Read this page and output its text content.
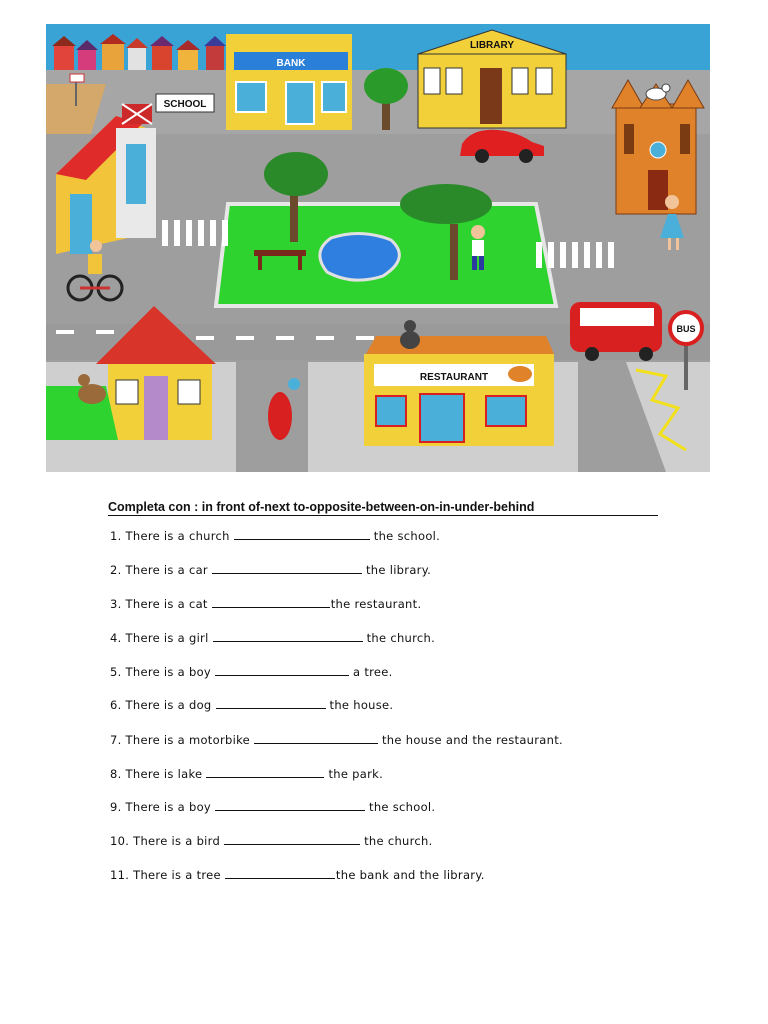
SCHOOL
BANK
LIBRARY
RESTAURANT
BUS
Completa con : in front of-next to-opposite-between-on-in-under-behind
1. There is a church	the school.
2. There is a car	the library.
3. There is a cat	the restaurant.
4. There is a girl	the church.
5. There is a boy	a tree.
6. There is a dog	the house.
7. There is a motorbike	the house and the restaurant.
8. There is lake	the park.
9. There is a boy	the school.
10. There is a bird	the church.
11. There is a tree	the bank and the library.
